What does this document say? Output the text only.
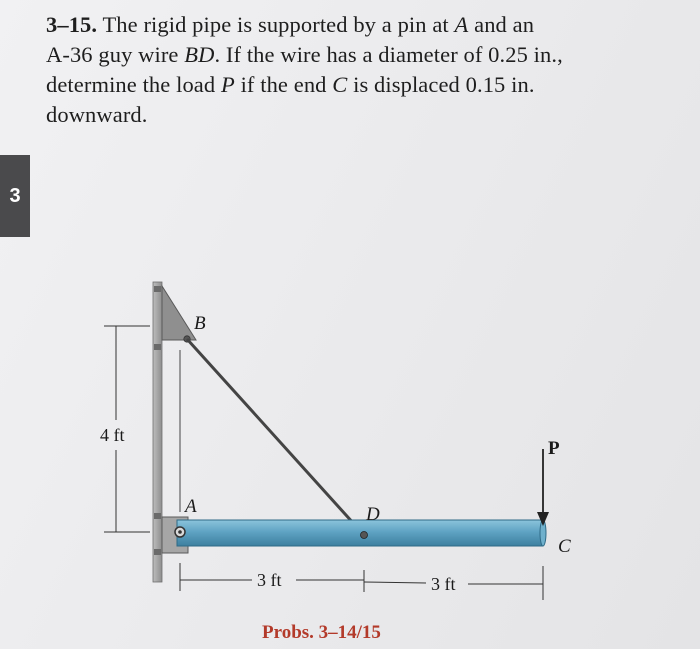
3–15. The rigid pipe is supported by a pin at A and an
A-36 guy wire BD. If the wire has a diameter of 0.25 in.,
determine the load P if the end C is displaced 0.15 in.
downward.
3
B
A	D
C
P
4 ft
3 ft	3 ft
Probs. 3–14/15
